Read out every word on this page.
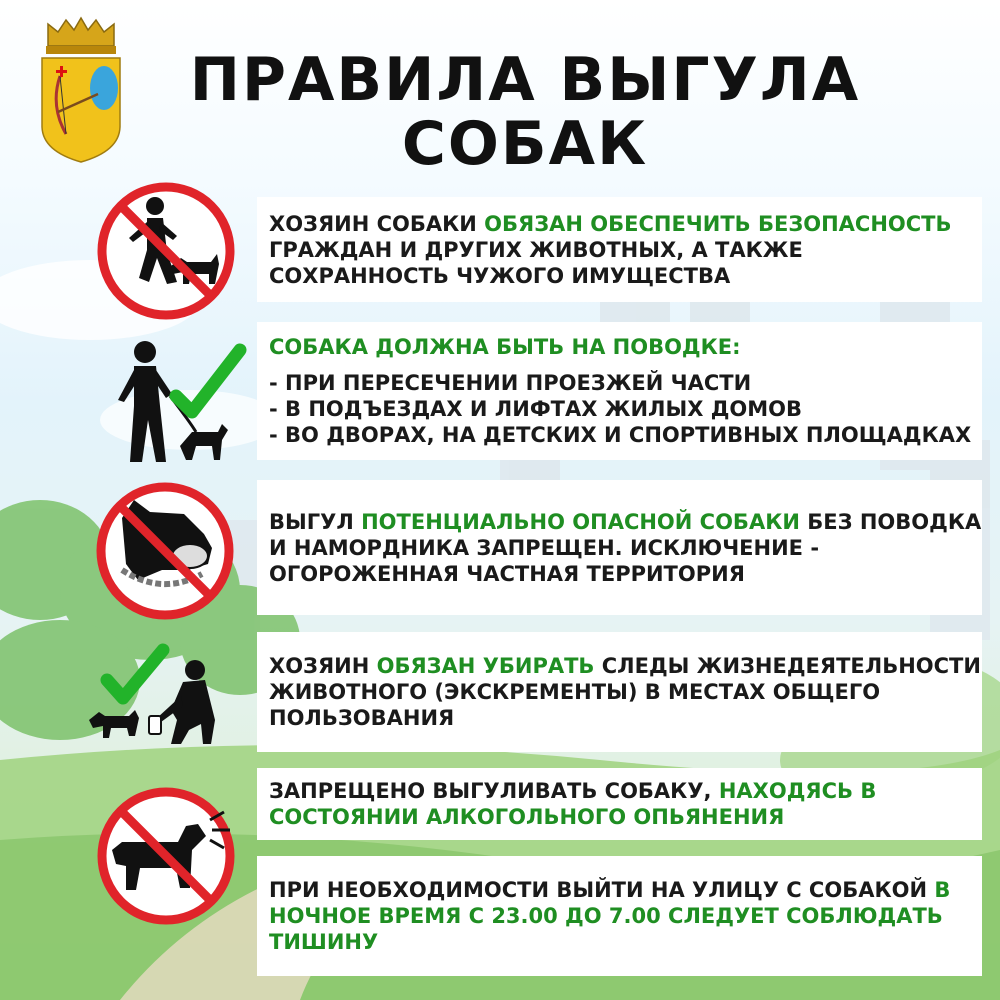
ПРАВИЛА ВЫГУЛА
СОБАК
ХОЗЯИН СОБАКИ ОБЯЗАН ОБЕСПЕЧИТЬ БЕЗОПАСНОСТЬ ГРАЖДАН И ДРУГИХ ЖИВОТНЫХ, А ТАКЖЕ СОХРАННОСТЬ ЧУЖОГО ИМУЩЕСТВА
СОБАКА ДОЛЖНА БЫТЬ НА ПОВОДКЕ:
- ПРИ ПЕРЕСЕЧЕНИИ ПРОЕЗЖЕЙ ЧАСТИ
- В ПОДЪЕЗДАХ И ЛИФТАХ ЖИЛЫХ ДОМОВ
- ВО ДВОРАХ, НА ДЕТСКИХ И СПОРТИВНЫХ ПЛОЩАДКАХ
ВЫГУЛ ПОТЕНЦИАЛЬНО ОПАСНОЙ СОБАКИ БЕЗ ПОВОДКА И НАМОРДНИКА ЗАПРЕЩЕН. ИСКЛЮЧЕНИЕ - ОГОРОЖЕННАЯ ЧАСТНАЯ ТЕРРИТОРИЯ
ХОЗЯИН ОБЯЗАН УБИРАТЬ СЛЕДЫ ЖИЗНЕДЕЯТЕЛЬНОСТИ ЖИВОТНОГО (ЭКСКРЕМЕНТЫ) В МЕСТАХ ОБЩЕГО ПОЛЬЗОВАНИЯ
ЗАПРЕЩЕНО ВЫГУЛИВАТЬ СОБАКУ, НАХОДЯСЬ В СОСТОЯНИИ АЛКОГОЛЬНОГО ОПЬЯНЕНИЯ
ПРИ НЕОБХОДИМОСТИ ВЫЙТИ НА УЛИЦУ С СОБАКОЙ В НОЧНОЕ ВРЕМЯ С 23.00 ДО 7.00 СЛЕДУЕТ СОБЛЮДАТЬ ТИШИНУ
